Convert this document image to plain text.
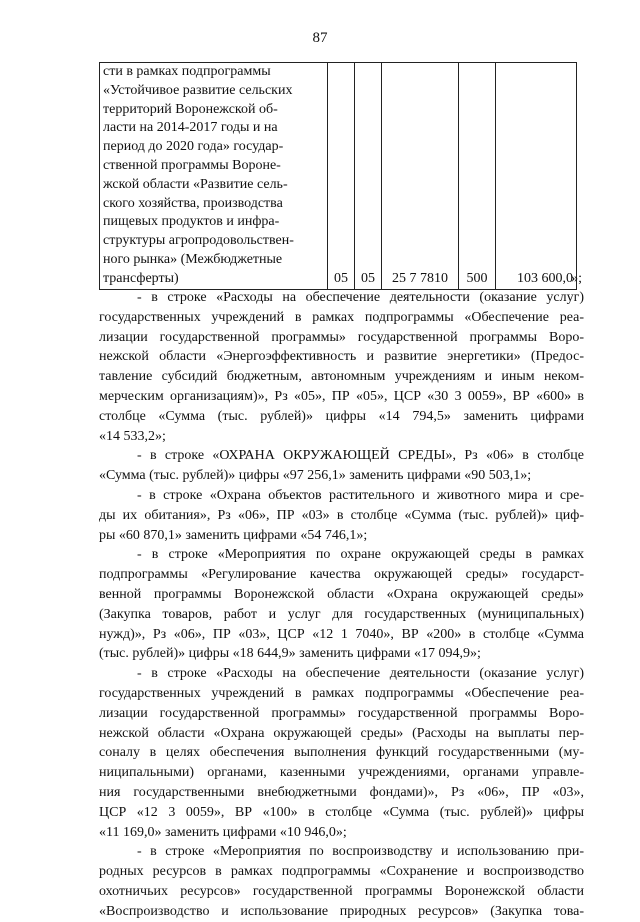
87
сти в рамках подпрограммы
«Устойчивое развитие сельских
территорий Воронежской об-
ласти на 2014-2017 годы и на
период до 2020 года» государ-
ственной программы Вороне-
жской области «Развитие сель-
ского хозяйства, производства
пищевых продуктов и инфра-
структуры агропродовольствен-
ного рынка» (Межбюджетные
трансферты)	05	05	25 7 7810	500	103 600,0
»;

- в строке «Расходы на обеспечение деятельности (оказание услуг)
государственных учреждений в рамках подпрограммы «Обеспечение реа-
лизации государственной программы» государственной программы Воро-
нежской области «Энергоэффективность и развитие энергетики» (Предос-
тавление субсидий бюджетным, автономным учреждениям и иным неком-
мерческим организациям)», Рз «05», ПР «05», ЦСР «30 3 0059», ВР «600» в
столбце «Сумма (тыс. рублей)» цифры «14 794,5» заменить цифрами
«14 533,2»;

- в строке «ОХРАНА ОКРУЖАЮЩЕЙ СРЕДЫ», Рз «06» в столбце
«Сумма (тыс. рублей)» цифры «97 256,1» заменить цифрами «90 503,1»;

- в строке «Охрана объектов растительного и животного мира и сре-
ды их обитания», Рз «06», ПР «03» в столбце «Сумма (тыс. рублей)» циф-
ры «60 870,1» заменить цифрами «54 746,1»;

- в строке «Мероприятия по охране окружающей среды в рамках
подпрограммы «Регулирование качества окружающей среды» государст-
венной программы Воронежской области «Охрана окружающей среды»
(Закупка товаров, работ и услуг для государственных (муниципальных)
нужд)», Рз «06», ПР «03», ЦСР «12 1 7040», ВР «200» в столбце «Сумма
(тыс. рублей)» цифры «18 644,9» заменить цифрами «17 094,9»;

- в строке «Расходы на обеспечение деятельности (оказание услуг)
государственных учреждений в рамках подпрограммы «Обеспечение реа-
лизации государственной программы» государственной программы Воро-
нежской области «Охрана окружающей среды» (Расходы на выплаты пер-
соналу в целях обеспечения выполнения функций государственными (му-
ниципальными) органами, казенными учреждениями, органами управле-
ния государственными внебюджетными фондами)», Рз «06», ПР «03»,
ЦСР «12 3 0059», ВР «100» в столбце «Сумма (тыс. рублей)» цифры
«11 169,0» заменить цифрами «10 946,0»;

- в строке «Мероприятия по воспроизводству и использованию при-
родных ресурсов в рамках подпрограммы «Сохранение и воспроизводство
охотничьих ресурсов» государственной программы Воронежской области
«Воспроизводство и использование природных ресурсов» (Закупка това-
